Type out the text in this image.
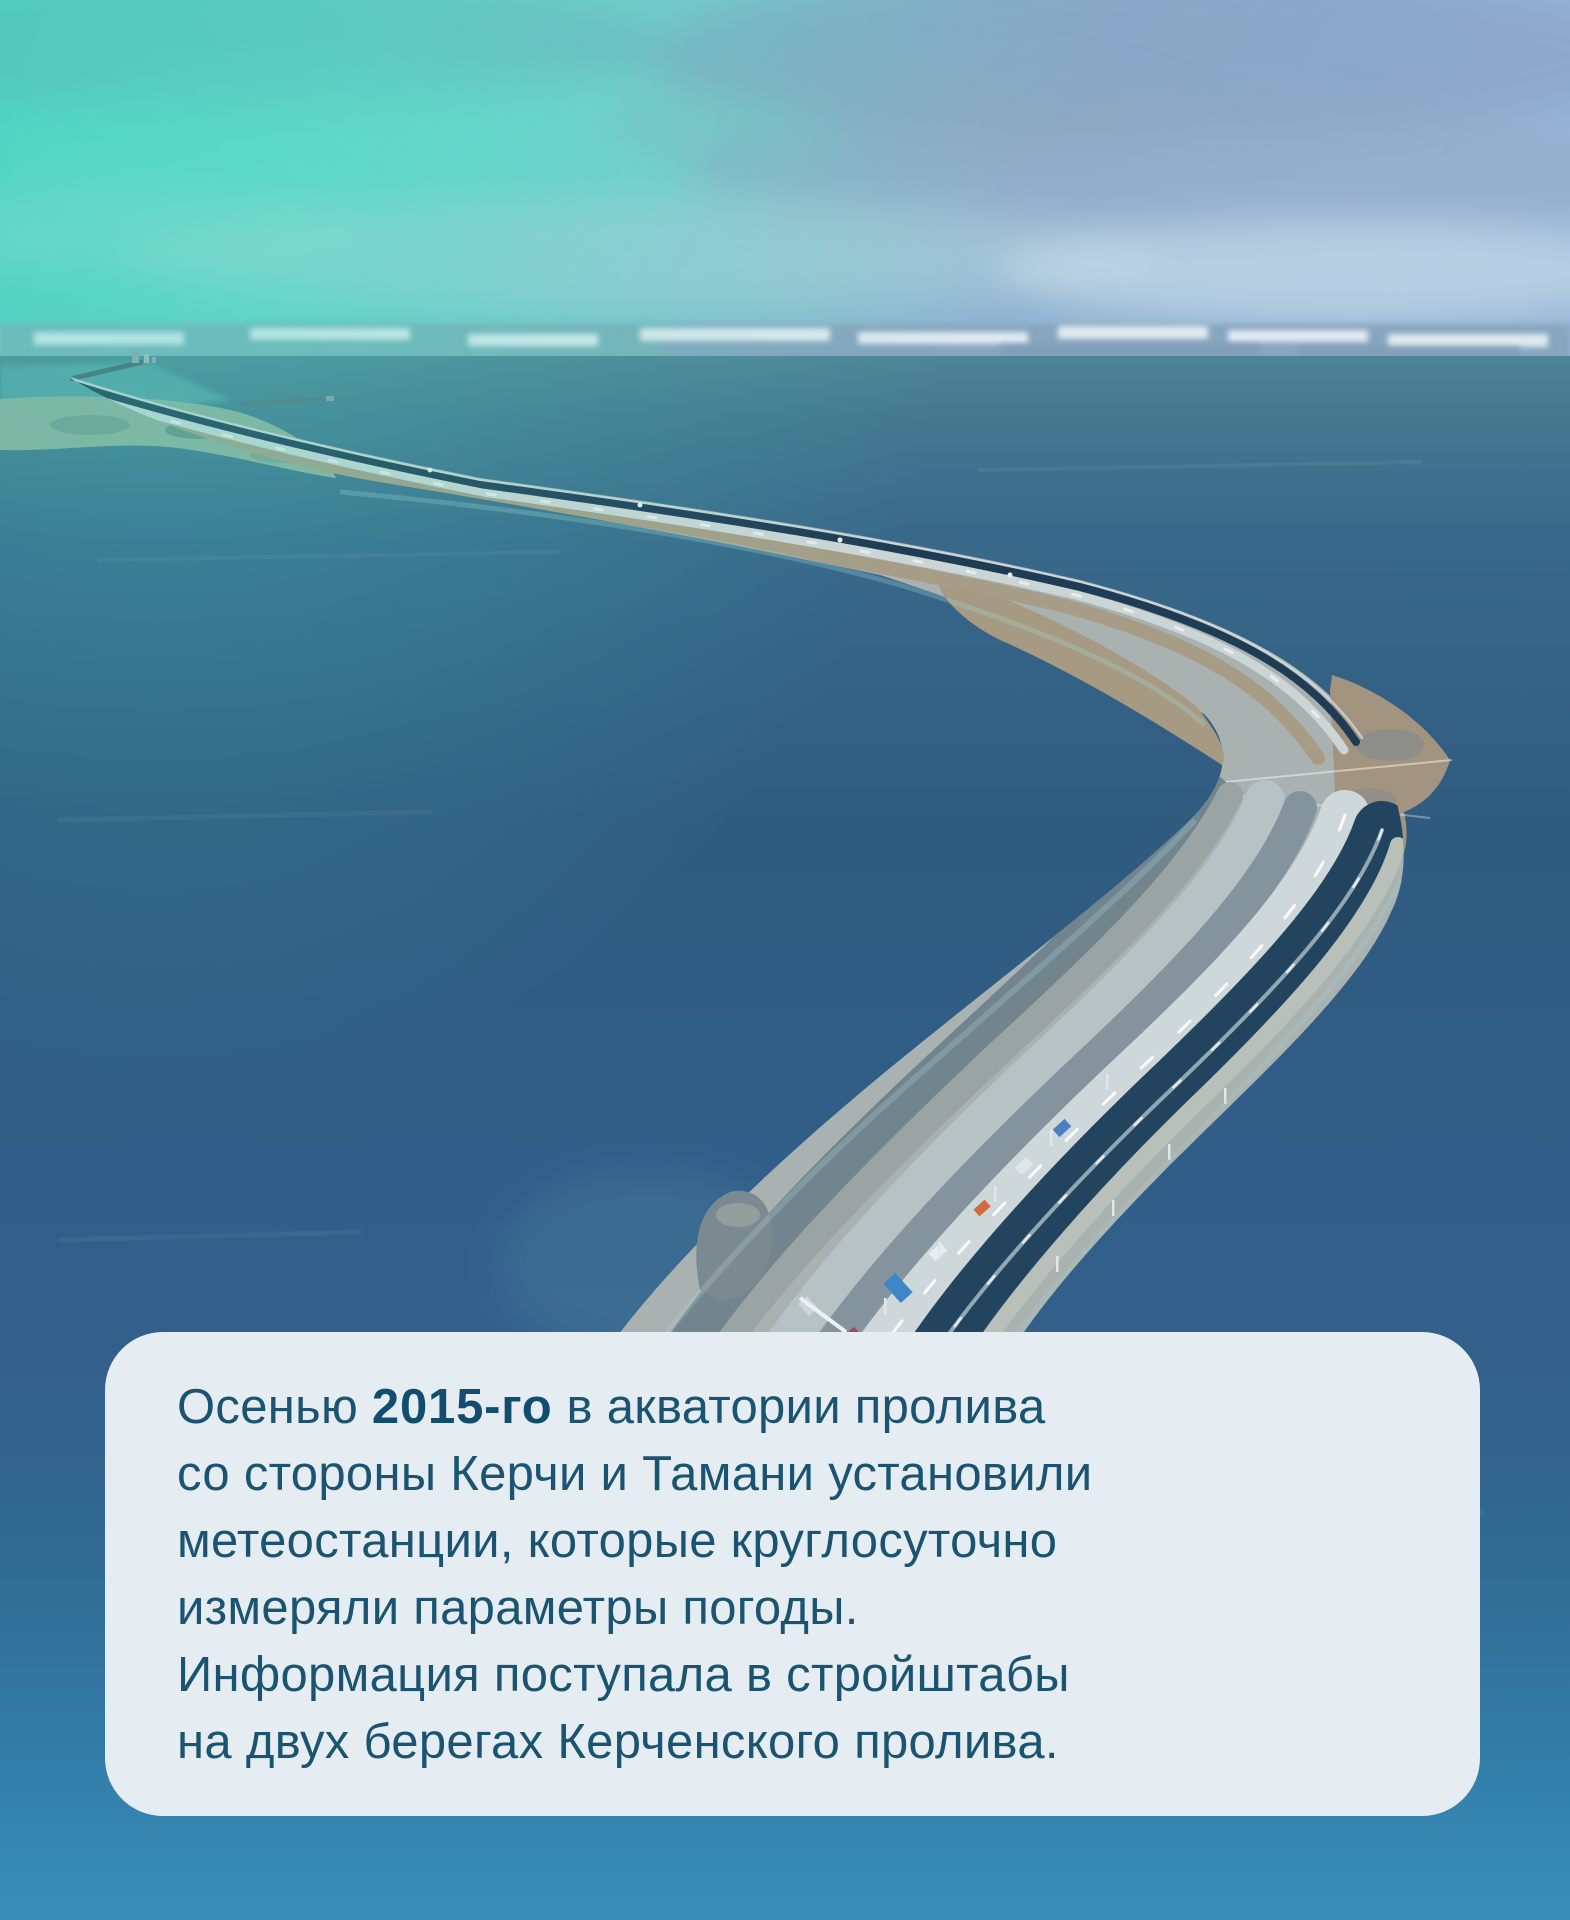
Осенью 2015-го в акватории пролива
со стороны Керчи и Тамани установили
метеостанции, которые круглосуточно
измеряли параметры погоды.
Информация поступала в стройштабы
на двух берегах Керченского пролива.
